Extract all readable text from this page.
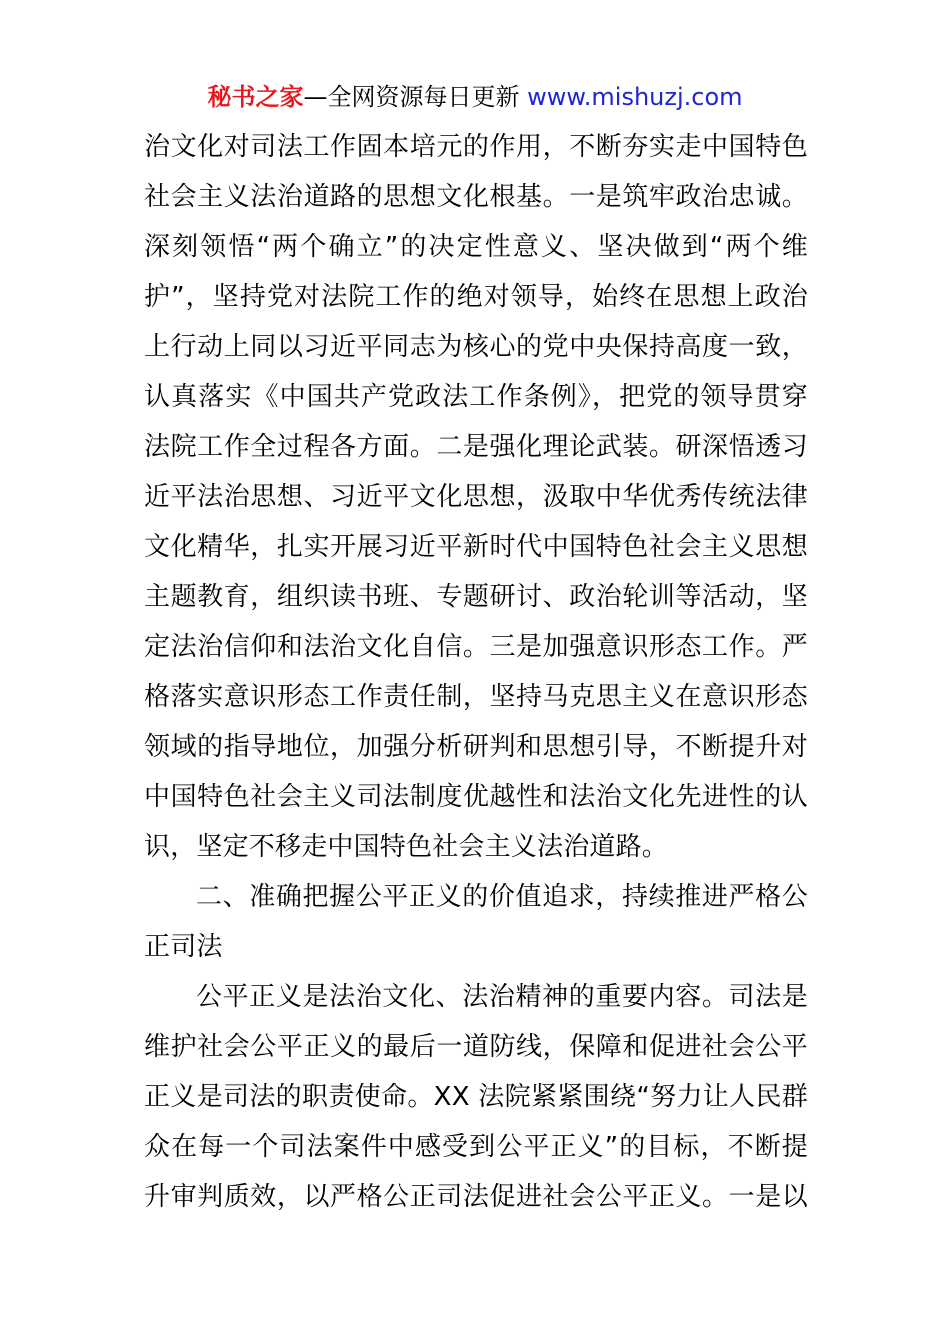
秘书之家—全网资源每日更新 www.mishuzj.com
治文化对司法工作固本培元的作用，不断夯实走中国特色
社会主义法治道路的思想文化根基。一是筑牢政治忠诚。
深刻领悟“两个确立”的决定性意义、坚决做到“两个维
护”，坚持党对法院工作的绝对领导，始终在思想上政治
上行动上同以习近平同志为核心的党中央保持高度一致，
认真落实《中国共产党政法工作条例》，把党的领导贯穿
法院工作全过程各方面。二是强化理论武装。研深悟透习
近平法治思想、习近平文化思想，汲取中华优秀传统法律
文化精华，扎实开展习近平新时代中国特色社会主义思想
主题教育，组织读书班、专题研讨、政治轮训等活动，坚
定法治信仰和法治文化自信。三是加强意识形态工作。严
格落实意识形态工作责任制，坚持马克思主义在意识形态
领域的指导地位，加强分析研判和思想引导，不断提升对
中国特色社会主义司法制度优越性和法治文化先进性的认
识，坚定不移走中国特色社会主义法治道路。
二、准确把握公平正义的价值追求，持续推进严格公
正司法
公平正义是法治文化、法治精神的重要内容。司法是
维护社会公平正义的最后一道防线，保障和促进社会公平
正义是司法的职责使命。XX 法院紧紧围绕“努力让人民群
众在每一个司法案件中感受到公平正义”的目标，不断提
升审判质效，以严格公正司法促进社会公平正义。一是以
